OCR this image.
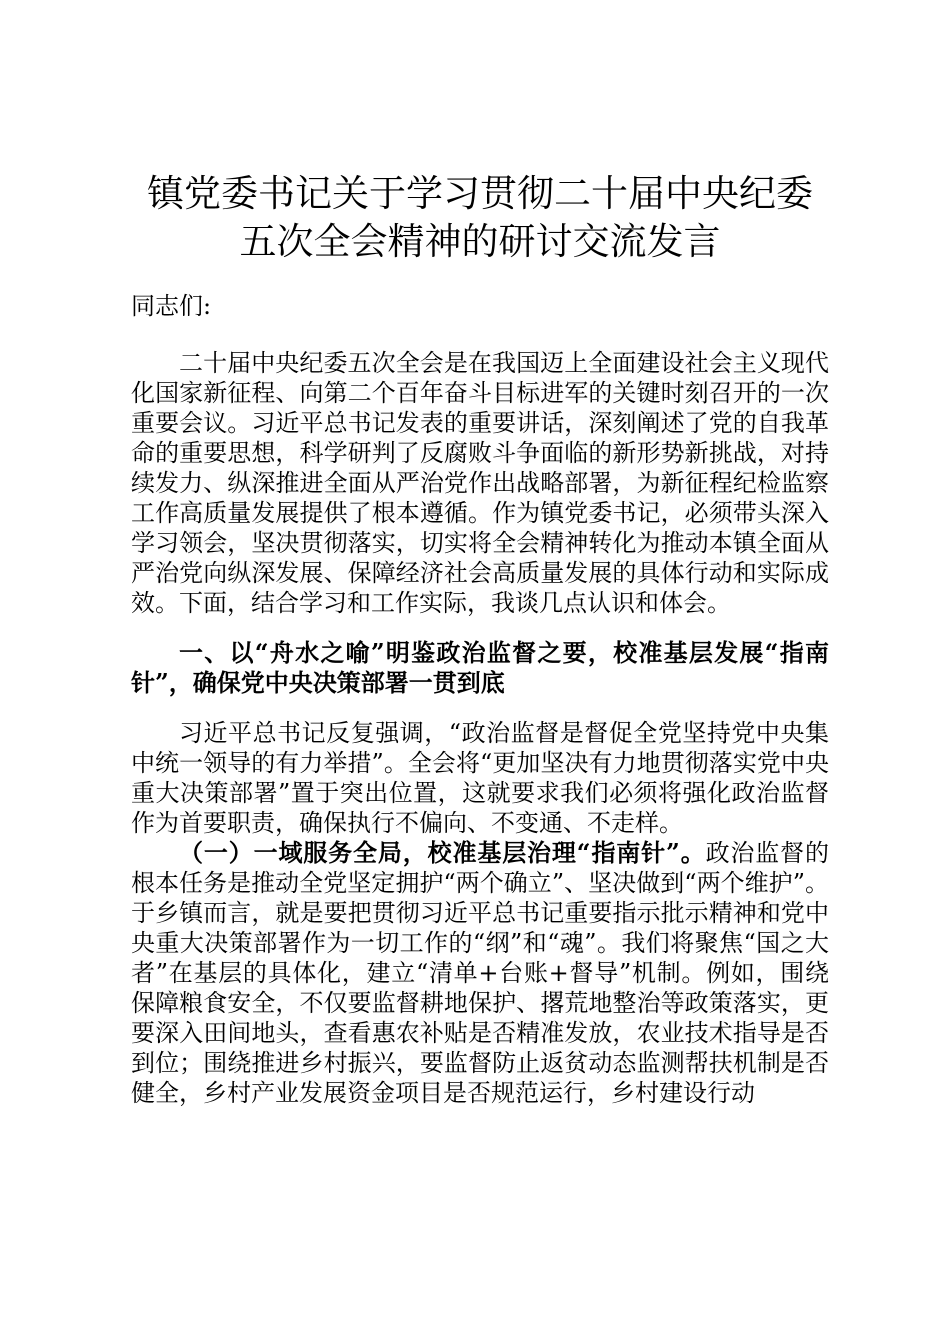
镇党委书记关于学习贯彻二十届中央纪委五次全会精神的研讨交流发言

同志们:

二十届中央纪委五次全会是在我国迈上全面建设社会主义现代化国家新征程、向第二个百年奋斗目标进军的关键时刻召开的一次重要会议。习近平总书记发表的重要讲话，深刻阐述了党的自我革命的重要思想，科学研判了反腐败斗争面临的新形势新挑战，对持续发力、纵深推进全面从严治党作出战略部署，为新征程纪检监察工作高质量发展提供了根本遵循。作为镇党委书记，必须带头深入学习领会，坚决贯彻落实，切实将全会精神转化为推动本镇全面从严治党向纵深发展、保障经济社会高质量发展的具体行动和实际成效。下面，结合学习和工作实际，我谈几点认识和体会。

一、以“舟水之喻”明鉴政治监督之要，校准基层发展“指南针”，确保党中央决策部署一贯到底

习近平总书记反复强调，“政治监督是督促全党坚持党中央集中统一领导的有力举措”。全会将“更加坚决有力地贯彻落实党中央重大决策部署”置于突出位置，这就要求我们必须将强化政治监督作为首要职责，确保执行不偏向、不变通、不走样。

（一）一域服务全局，校准基层治理“指南针”。政治监督的根本任务是推动全党坚定拥护“两个确立”、坚决做到“两个维护”。于乡镇而言，就是要把贯彻习近平总书记重要指示批示精神和党中央重大决策部署作为一切工作的“纲”和“魂”。我们将聚焦“国之大者”在基层的具体化，建立“清单+台账+督导”机制。例如，围绕保障粮食安全，不仅要监督耕地保护、撂荒地整治等政策落实，更要深入田间地头，查看惠农补贴是否精准发放，农业技术指导是否到位；围绕推进乡村振兴，要监督防止返贫动态监测帮扶机制是否健全，乡村产业发展资金项目是否规范运行，乡村建设行动
